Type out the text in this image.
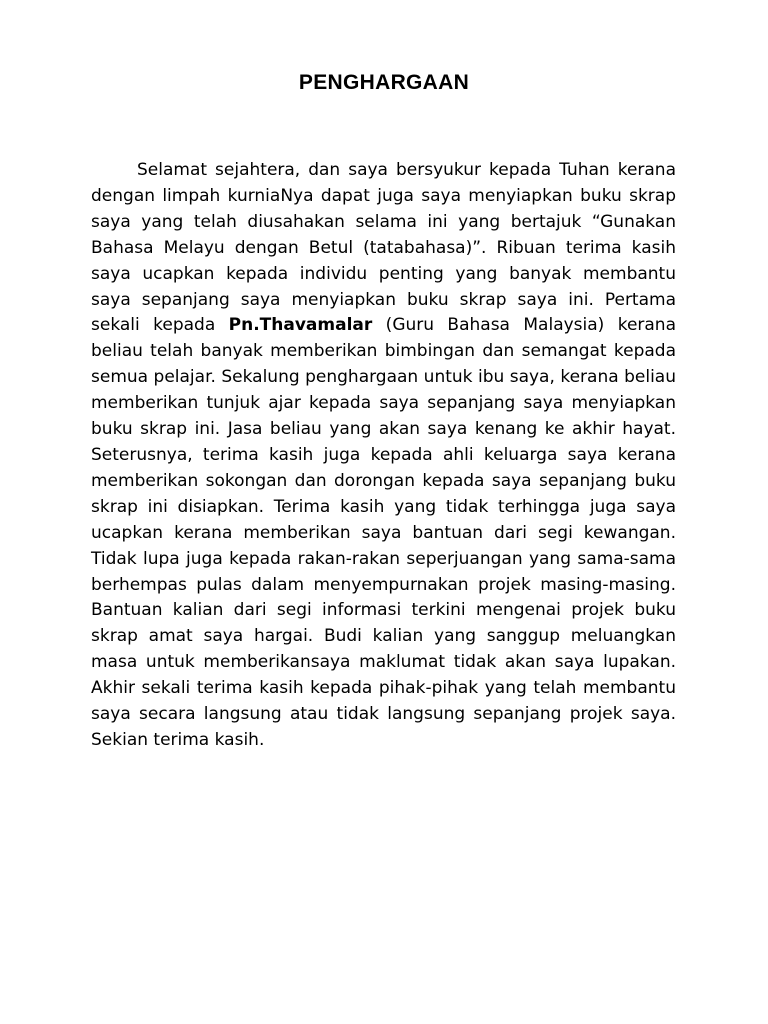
PENGHARGAAN

Selamat sejahtera, dan saya bersyukur kepada Tuhan kerana dengan limpah kurniaNya dapat juga saya menyiapkan buku skrap saya yang telah diusahakan selama ini yang bertajuk “Gunakan Bahasa Melayu dengan Betul (tatabahasa)”. Ribuan terima kasih saya ucapkan kepada individu penting yang banyak membantu saya sepanjang saya menyiapkan buku skrap saya ini. Pertama sekali kepada Pn.Thavamalar (Guru Bahasa Malaysia) kerana beliau telah banyak memberikan bimbingan dan semangat kepada semua pelajar. Sekalung penghargaan untuk ibu saya, kerana beliau memberikan tunjuk ajar kepada saya sepanjang saya menyiapkan buku skrap ini. Jasa beliau yang akan saya kenang ke akhir hayat. Seterusnya, terima kasih juga kepada ahli keluarga saya kerana memberikan sokongan dan dorongan kepada saya sepanjang buku skrap ini disiapkan. Terima kasih yang tidak terhingga juga saya ucapkan kerana memberikan saya bantuan dari segi kewangan. Tidak lupa juga kepada rakan-rakan seperjuangan yang sama-sama berhempas pulas dalam menyempurnakan projek masing-masing. Bantuan kalian dari segi informasi terkini mengenai projek buku skrap amat saya hargai. Budi kalian yang sanggup meluangkan masa untuk memberikansaya maklumat tidak akan saya lupakan. Akhir sekali terima kasih kepada pihak-pihak yang telah membantu saya secara langsung atau tidak langsung sepanjang projek saya. Sekian terima kasih.
